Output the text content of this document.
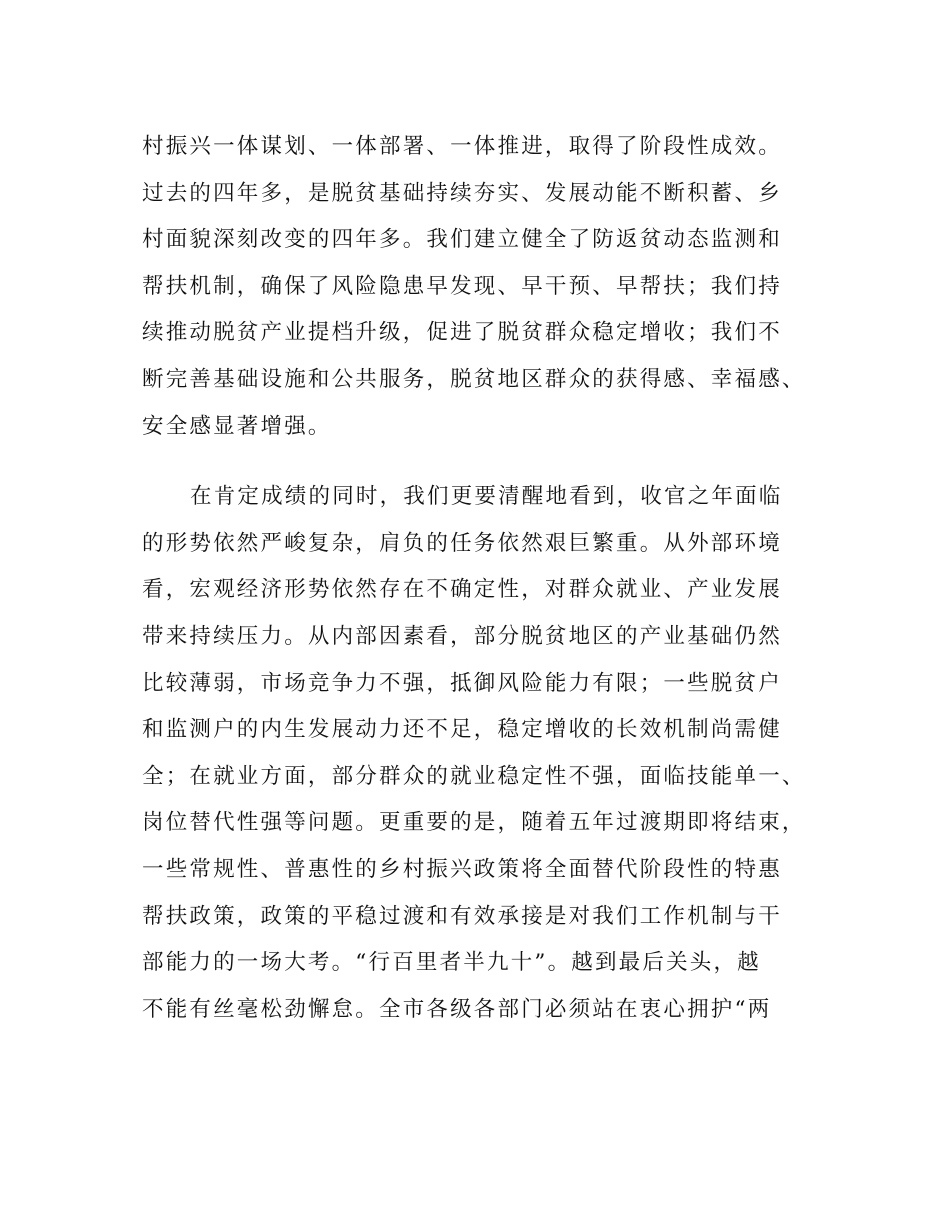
村振兴一体谋划、一体部署、一体推进，取得了阶段性成效。
过去的四年多，是脱贫基础持续夯实、发展动能不断积蓄、乡
村面貌深刻改变的四年多。我们建立健全了防返贫动态监测和
帮扶机制，确保了风险隐患早发现、早干预、早帮扶；我们持
续推动脱贫产业提档升级，促进了脱贫群众稳定增收；我们不
断完善基础设施和公共服务，脱贫地区群众的获得感、幸福感、
安全感显著增强。
在肯定成绩的同时，我们更要清醒地看到，收官之年面临
的形势依然严峻复杂，肩负的任务依然艰巨繁重。从外部环境
看，宏观经济形势依然存在不确定性，对群众就业、产业发展
带来持续压力。从内部因素看，部分脱贫地区的产业基础仍然
比较薄弱，市场竞争力不强，抵御风险能力有限；一些脱贫户
和监测户的内生发展动力还不足，稳定增收的长效机制尚需健
全；在就业方面，部分群众的就业稳定性不强，面临技能单一、
岗位替代性强等问题。更重要的是，随着五年过渡期即将结束，
一些常规性、普惠性的乡村振兴政策将全面替代阶段性的特惠
帮扶政策，政策的平稳过渡和有效承接是对我们工作机制与干
部能力的一场大考。“行百里者半九十”。越到最后关头，越
不能有丝毫松劲懈怠。全市各级各部门必须站在衷心拥护“两
